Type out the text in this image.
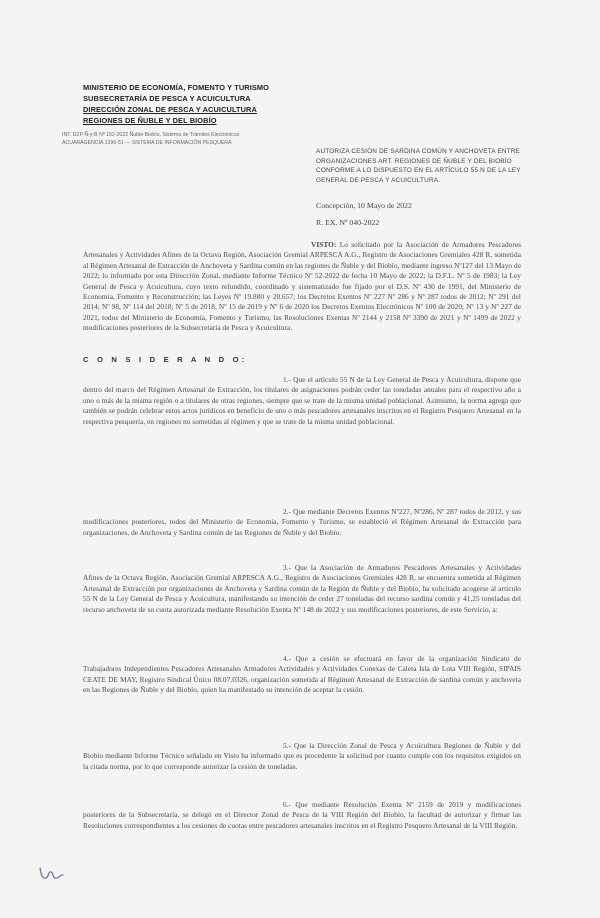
MINISTERIO DE ECONOMÍA, FOMENTO Y TURISMO
SUBSECRETARÍA DE PESCA Y ACUICULTURA
DIRECCIÓN ZONAL DE PESCA Y ACUICULTURA
REGIONES DE ÑUBLE Y DEL BIOBÍO
INT. DZP Ñ-y-B Nº 152-2022 Ñuble-Biobío. Sistema de Trámites Electrónicos
ACUARÁGENCIA 1396-51 — SISTEMA DE INFORMACIÓN PESQUERA
AUTORIZA CESIÓN DE SARDINA COMÚN Y ANCHOVETA ENTRE
ORGANIZACIONES ART. REGIONES DE ÑUBLE Y DEL BIOBÍO
CONFORME A LO DISPUESTO EN EL ARTÍCULO 55 N DE LA LEY
GENERAL DE PESCA Y ACUICULTURA.
Concepción, 10 Mayo de 2022
R. EX. Nº 040-2022

VISTO: Lo solicitado por la Asociación de Armadores Pescadores Artesanales y Actividades Afines de la Octava Región, Asociación Gremial ARPESCA A.G., Registro de Asociaciones Gremiales 428 R, sometida al Régimen Artesanal de Extracción de Anchoveta y Sardina común en las regiones de Ñuble y del Biobío, mediante ingreso Nº127 del 13 Mayo de 2022; lo informado por esta Dirección Zonal, mediante Informe Técnico Nº 52-2022 de fecha 10 Mayo de 2022; la D.F.L. Nº 5 de 1983; la Ley General de Pesca y Acuicultura, cuyo texto refundido, coordinado y sistematizado fue fijado por el D.S. Nº 430 de 1991, del Ministerio de Economía, Fomento y Reconstrucción; las Leyes Nº 19.880 y 20.657; los Decretos Exentos Nº 227 Nº 286 y Nº 287 todos de 2012; Nº 291 del 2014; Nº 98, Nº 114 del 2018; Nº 5 de 2018, Nº 15 de 2019 y Nº 6 de 2020 los Decretos Exentos Electrónicos Nº 100 de 2020; Nº 13 y Nº 227 de 2021, todos del Ministerio de Economía, Fomento y Turismo, las Resoluciones Exentas Nº 2144 y 2158 Nº 3390 de 2021 y Nº 1499 de 2022 y modificaciones posteriores de la Subsecretaría de Pesca y Acuicultura.

C O N S I D E R A N D O:

1.- Que el artículo 55 N de la Ley General de Pesca y Acuicultura, dispone que dentro del marco del Régimen Artesanal de Extracción, los titulares de asignaciones podrán ceder las toneladas anuales para el respectivo año a uno o más de la misma región o a titulares de otras regiones, siempre que se trate de la misma unidad poblacional. Asimismo, la norma agrega que también se podrán celebrar estos actos jurídicos en beneficio de uno o más pescadores artesanales inscritos en el Registro Pesquero Artesanal en la respectiva pesquería, en regiones no sometidas al régimen y que se trate de la misma unidad poblacional.

2.- Que mediante Decretos Exentos Nº227, Nº286, Nº 287 todos de 2012, y sus modificaciones posteriores, todos del Ministerio de Economía, Fomento y Turismo, se estableció el Régimen Artesanal de Extracción para organizaciones, de Anchoveta y Sardina común de las Regiones de Ñuble y del Biobío.

3.- Que la Asociación de Armadores Pescadores Artesanales y Actividades Afines de la Octava Región, Asociación Gremial ARPESCA A.G., Registro de Asociaciones Gremiales 428 R, se encuentra sometida al Régimen Artesanal de Extracción por organizaciones de Anchoveta y Sardina común de la Región de Ñuble y del Biobío, ha solicitado acogerse al artículo 55 N de la Ley General de Pesca y Acuicultura, manifestando su intención de ceder 27 toneladas del recurso sardina común y 41,25 toneladas del recurso anchoveta de su cuota autorizada mediante Resolución Exenta Nº 148 de 2022 y sus modificaciones posteriores, de este Servicio, a:

4.- Que a cesión se efectuará en favor de la organización Sindicato de Trabajadores Independientes Pescadores Artesanales Armadores Actividades y Actividades Conexas de Caleta Isla de Lota VIII Región, SIPAIS CEATE DE MAY, Registro Sindical Único 08.07.0326, organización sometida al Régimen Artesanal de Extracción de sardina común y anchoveta en las Regiones de Ñuble y del Biobío, quien ha manifestado su intención de aceptar la cesión.

5.- Que la Dirección Zonal de Pesca y Acuicultura Regiones de Ñuble y del Biobío mediante Informe Técnico señalado en Visto ha informado que es procedente la solicitud por cuanto cumple con los requisitos exigidos en la citada norma, por lo que corresponde autorizar la cesión de toneladas.

6.- Que mediante Resolución Exenta Nº 2159 de 2019 y modificaciones posteriores de la Subsecretaría, se delegó en el Director Zonal de Pesca de la VIII Región del Biobío, la facultad de autorizar y firmar las Resoluciones correspondientes a los cesiones de cuotas entre pescadores artesanales inscritos en el Registro Pesquero Artesanal de la VIII Región.
